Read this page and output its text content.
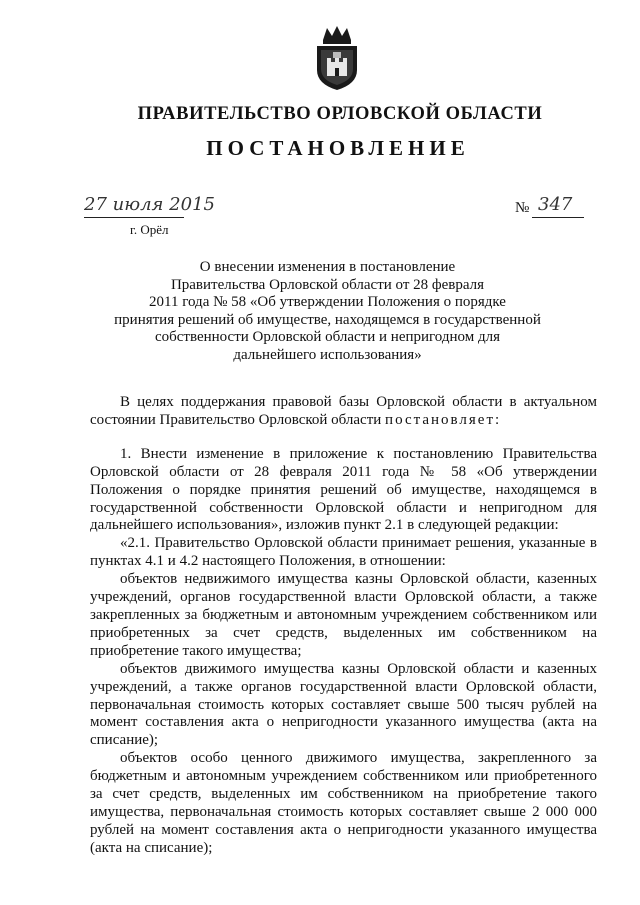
ПРАВИТЕЛЬСТВО ОРЛОВСКОЙ ОБЛАСТИ
ПОСТАНОВЛЕНИЕ
27 июля 2015
г. Орёл
№ 347
О внесении изменения в постановление
Правительства Орловской области от 28 февраля
2011 года № 58 «Об утверждении Положения о порядке
принятия решений об имуществе, находящемся в государственной
собственности Орловской области и непригодном для
дальнейшего использования»

В целях поддержания правовой базы Орловской области в актуальном состоянии Правительство Орловской области постановляет:

1. Внести изменение в приложение к постановлению Правительства Орловской области от 28 февраля 2011 года № 58 «Об утверждении Положения о порядке принятия решений об имуществе, находящемся в государственной собственности Орловской области и непригодном для дальнейшего использования», изложив пункт 2.1 в следующей редакции:

«2.1. Правительство Орловской области принимает решения, указанные в пунктах 4.1 и 4.2 настоящего Положения, в отношении:

объектов недвижимого имущества казны Орловской области, казенных учреждений, органов государственной власти Орловской области, а также закрепленных за бюджетным и автономным учреждением собственником или приобретенных за счет средств, выделенных им собственником на приобретение такого имущества;

объектов движимого имущества казны Орловской области и казенных учреждений, а также органов государственной власти Орловской области, первоначальная стоимость которых составляет свыше 500 тысяч рублей на момент составления акта о непригодности указанного имущества (акта на списание);

объектов особо ценного движимого имущества, закрепленного за бюджетным и автономным учреждением собственником или приобретенного за счет средств, выделенных им собственником на приобретение такого имущества, первоначальная стоимость которых составляет свыше 2 000 000 рублей на момент составления акта о непригодности указанного имущества (акта на списание);
